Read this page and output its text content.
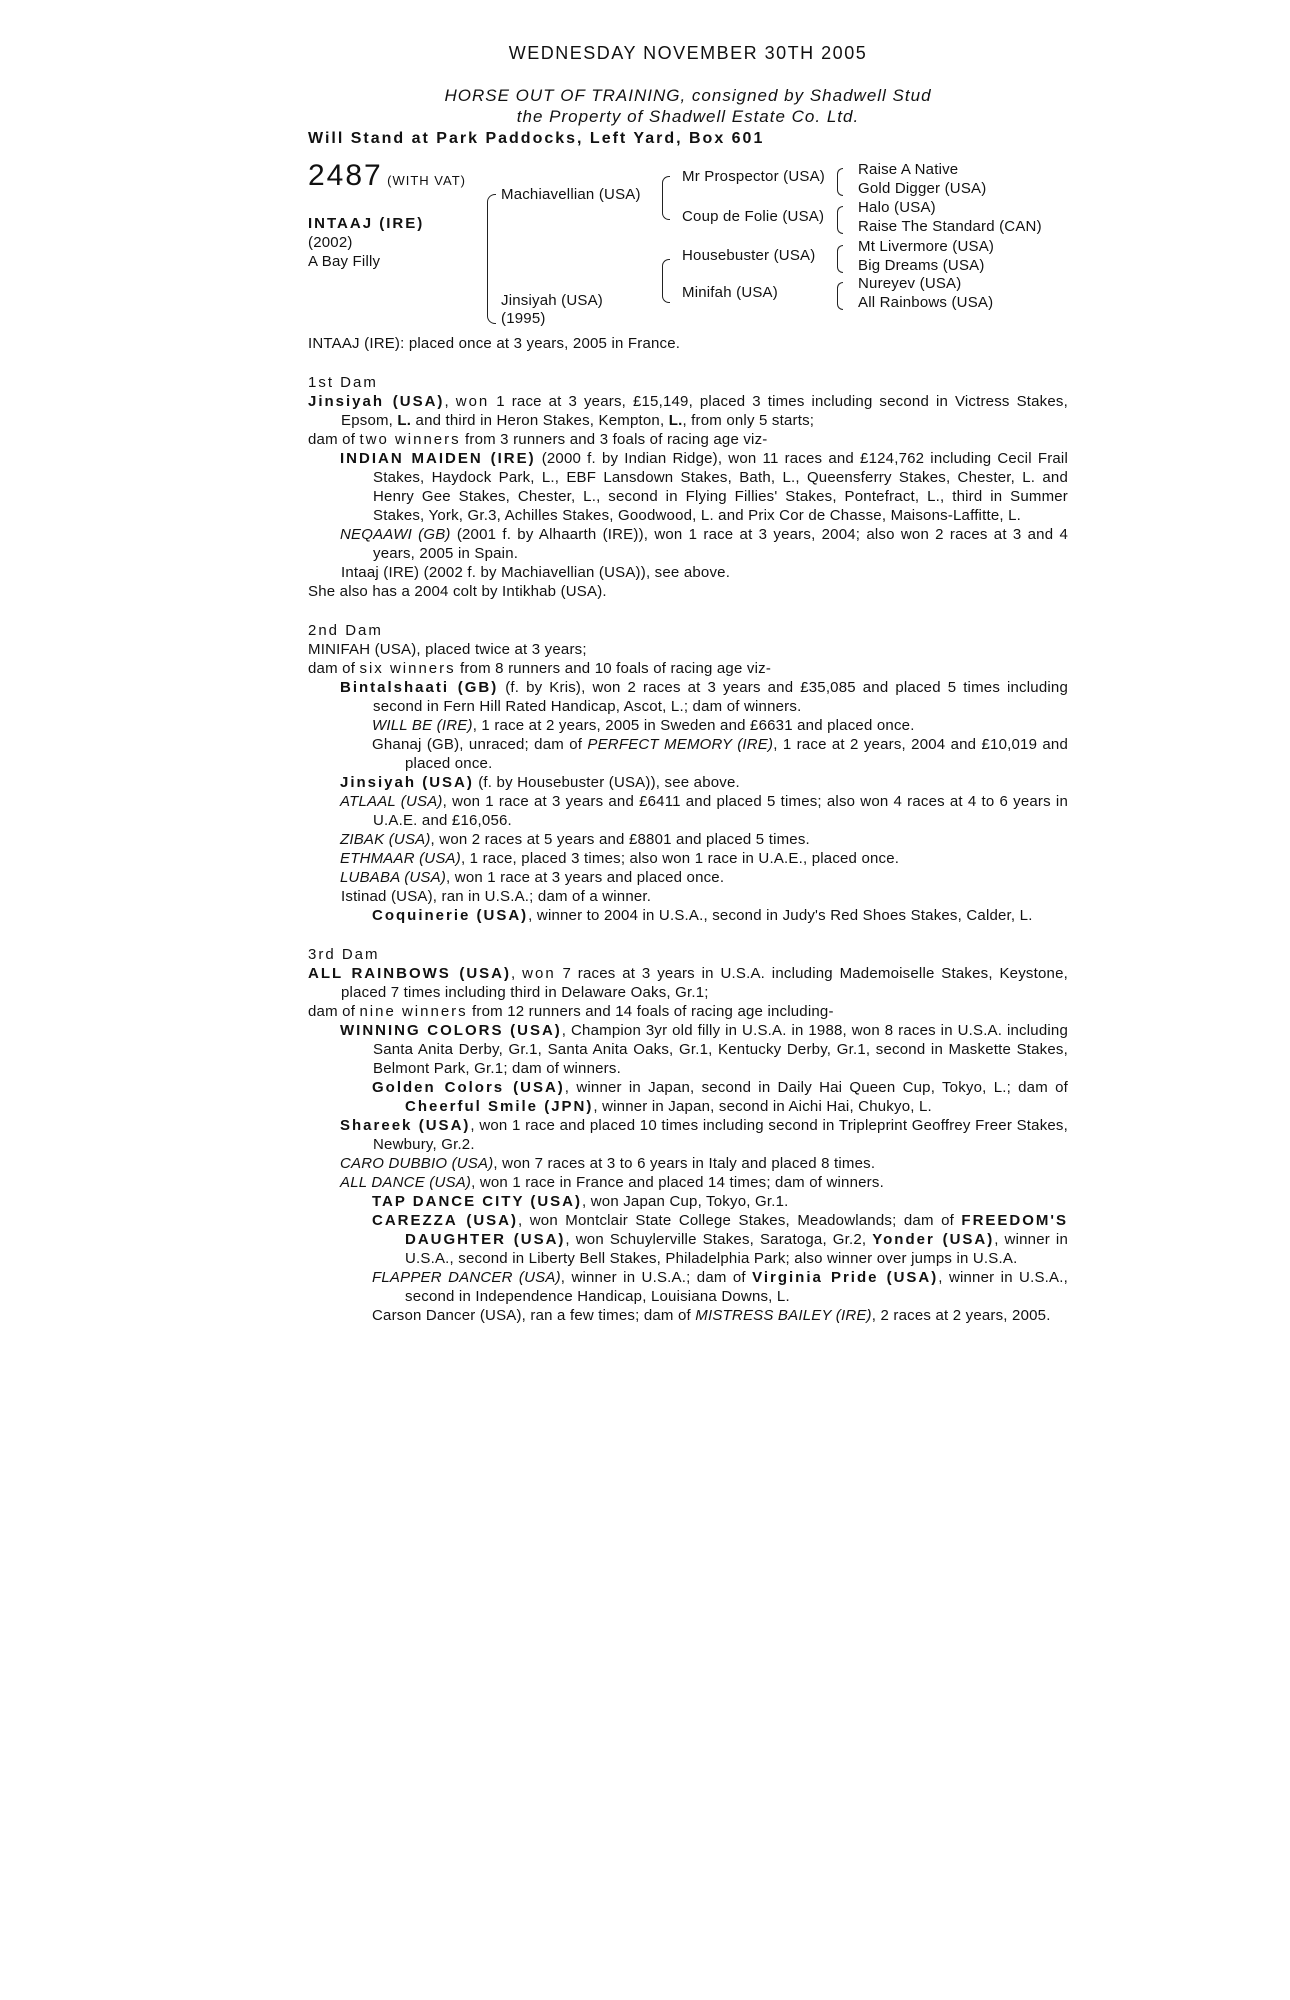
WEDNESDAY NOVEMBER 30TH 2005
HORSE OUT OF TRAINING, consigned by Shadwell Stud
the Property of Shadwell Estate Co. Ltd.
Will Stand at Park Paddocks, Left Yard, Box 601
2487 (WITH VAT)
INTAAJ (IRE)
(2002)
A Bay Filly
Machiavellian (USA)
Jinsiyah (USA)
(1995)
Mr Prospector (USA)
Coup de Folie (USA)
Housebuster (USA)
Minifah (USA)
Raise A Native
Gold Digger (USA)
Halo (USA)
Raise The Standard (CAN)
Mt Livermore (USA)
Big Dreams (USA)
Nureyev (USA)
All Rainbows (USA)

INTAAJ (IRE): placed once at 3 years, 2005 in France.

1st Dam

Jinsiyah (USA), won 1 race at 3 years, £15,149, placed 3 times including second in Victress Stakes, Epsom, L. and third in Heron Stakes, Kempton, L., from only 5 starts;

dam of two winners from 3 runners and 3 foals of racing age viz-

INDIAN MAIDEN (IRE) (2000 f. by Indian Ridge), won 11 races and £124,762 including Cecil Frail Stakes, Haydock Park, L., EBF Lansdown Stakes, Bath, L., Queensferry Stakes, Chester, L. and Henry Gee Stakes, Chester, L., second in Flying Fillies' Stakes, Pontefract, L., third in Summer Stakes, York, Gr.3, Achilles Stakes, Goodwood, L. and Prix Cor de Chasse, Maisons-Laffitte, L.

NEQAAWI (GB) (2001 f. by Alhaarth (IRE)), won 1 race at 3 years, 2004; also won 2 races at 3 and 4 years, 2005 in Spain.

Intaaj (IRE) (2002 f. by Machiavellian (USA)), see above.

She also has a 2004 colt by Intikhab (USA).

2nd Dam

MINIFAH (USA), placed twice at 3 years;

dam of six winners from 8 runners and 10 foals of racing age viz-

Bintalshaati (GB) (f. by Kris), won 2 races at 3 years and £35,085 and placed 5 times including second in Fern Hill Rated Handicap, Ascot, L.; dam of winners.

WILL BE (IRE), 1 race at 2 years, 2005 in Sweden and £6631 and placed once.

Ghanaj (GB), unraced; dam of PERFECT MEMORY (IRE), 1 race at 2 years, 2004 and £10,019 and placed once.

Jinsiyah (USA) (f. by Housebuster (USA)), see above.

ATLAAL (USA), won 1 race at 3 years and £6411 and placed 5 times; also won 4 races at 4 to 6 years in U.A.E. and £16,056.

ZIBAK (USA), won 2 races at 5 years and £8801 and placed 5 times.

ETHMAAR (USA), 1 race, placed 3 times; also won 1 race in U.A.E., placed once.

LUBABA (USA), won 1 race at 3 years and placed once.

Istinad (USA), ran in U.S.A.; dam of a winner.

Coquinerie (USA), winner to 2004 in U.S.A., second in Judy's Red Shoes Stakes, Calder, L.

3rd Dam

ALL RAINBOWS (USA), won 7 races at 3 years in U.S.A. including Mademoiselle Stakes, Keystone, placed 7 times including third in Delaware Oaks, Gr.1;

dam of nine winners from 12 runners and 14 foals of racing age including-

WINNING COLORS (USA), Champion 3yr old filly in U.S.A. in 1988, won 8 races in U.S.A. including Santa Anita Derby, Gr.1, Santa Anita Oaks, Gr.1, Kentucky Derby, Gr.1, second in Maskette Stakes, Belmont Park, Gr.1; dam of winners.

Golden Colors (USA), winner in Japan, second in Daily Hai Queen Cup, Tokyo, L.; dam of Cheerful Smile (JPN), winner in Japan, second in Aichi Hai, Chukyo, L.

Shareek (USA), won 1 race and placed 10 times including second in Tripleprint Geoffrey Freer Stakes, Newbury, Gr.2.

CARO DUBBIO (USA), won 7 races at 3 to 6 years in Italy and placed 8 times.

ALL DANCE (USA), won 1 race in France and placed 14 times; dam of winners.

TAP DANCE CITY (USA), won Japan Cup, Tokyo, Gr.1.

CAREZZA (USA), won Montclair State College Stakes, Meadowlands; dam of FREEDOM'S DAUGHTER (USA), won Schuylerville Stakes, Saratoga, Gr.2, Yonder (USA), winner in U.S.A., second in Liberty Bell Stakes, Philadelphia Park; also winner over jumps in U.S.A.

FLAPPER DANCER (USA), winner in U.S.A.; dam of Virginia Pride (USA), winner in U.S.A., second in Independence Handicap, Louisiana Downs, L.

Carson Dancer (USA), ran a few times; dam of MISTRESS BAILEY (IRE), 2 races at 2 years, 2005.
